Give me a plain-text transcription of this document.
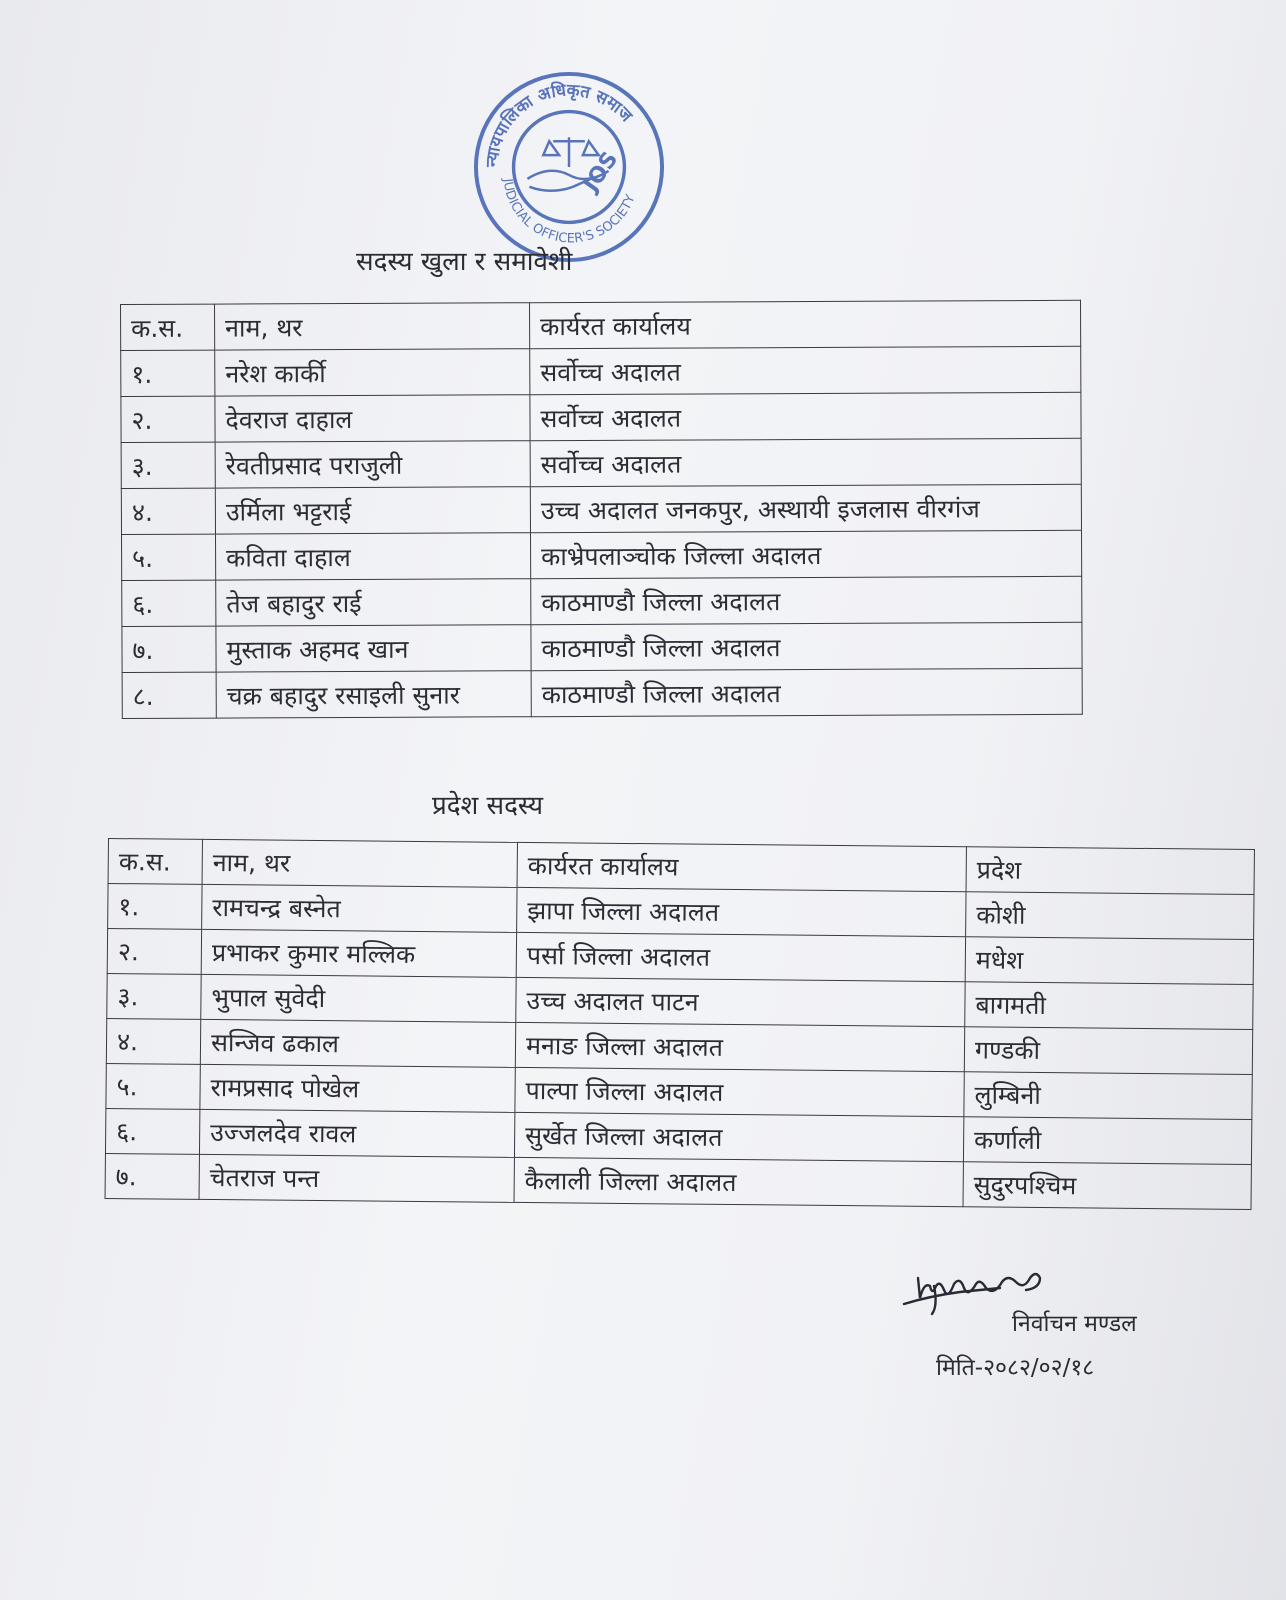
न्यायपालिका अधिकृत समाज
JUDICIAL OFFICER'S SOCIETY
JOS
सदस्य खुला र समावेशी
क.स.	नाम, थर	कार्यरत कार्यालय
१.	नरेश कार्की	सर्वोच्च अदालत
२.	देवराज दाहाल	सर्वोच्च अदालत
३.	रेवतीप्रसाद पराजुली	सर्वोच्च अदालत
४.	उर्मिला भट्टराई	उच्च अदालत जनकपुर, अस्थायी इजलास वीरगंज
५.	कविता दाहाल	काभ्रेपलाञ्चोक जिल्ला अदालत
६.	तेज बहादुर राई	काठमाण्डौ जिल्ला अदालत
७.	मुस्ताक अहमद खान	काठमाण्डौ जिल्ला अदालत
८.	चक्र बहादुर रसाइली सुनार	काठमाण्डौ जिल्ला अदालत
प्रदेश सदस्य
क.स.	नाम, थर	कार्यरत कार्यालय	प्रदेश
१.	रामचन्द्र बस्नेत	झापा जिल्ला अदालत	कोशी
२.	प्रभाकर कुमार मल्लिक	पर्सा जिल्ला अदालत	मधेश
३.	भुपाल सुवेदी	उच्च अदालत पाटन	बागमती
४.	सन्जिव ढकाल	मनाङ जिल्ला अदालत	गण्डकी
५.	रामप्रसाद पोखेल	पाल्पा जिल्ला अदालत	लुम्बिनी
६.	उज्जलदेव रावल	सुर्खेत जिल्ला अदालत	कर्णाली
७.	चेतराज पन्त	कैलाली जिल्ला अदालत	सुदुरपश्चिम
निर्वाचन मण्डल
मिति-२०८२/०२/१८
